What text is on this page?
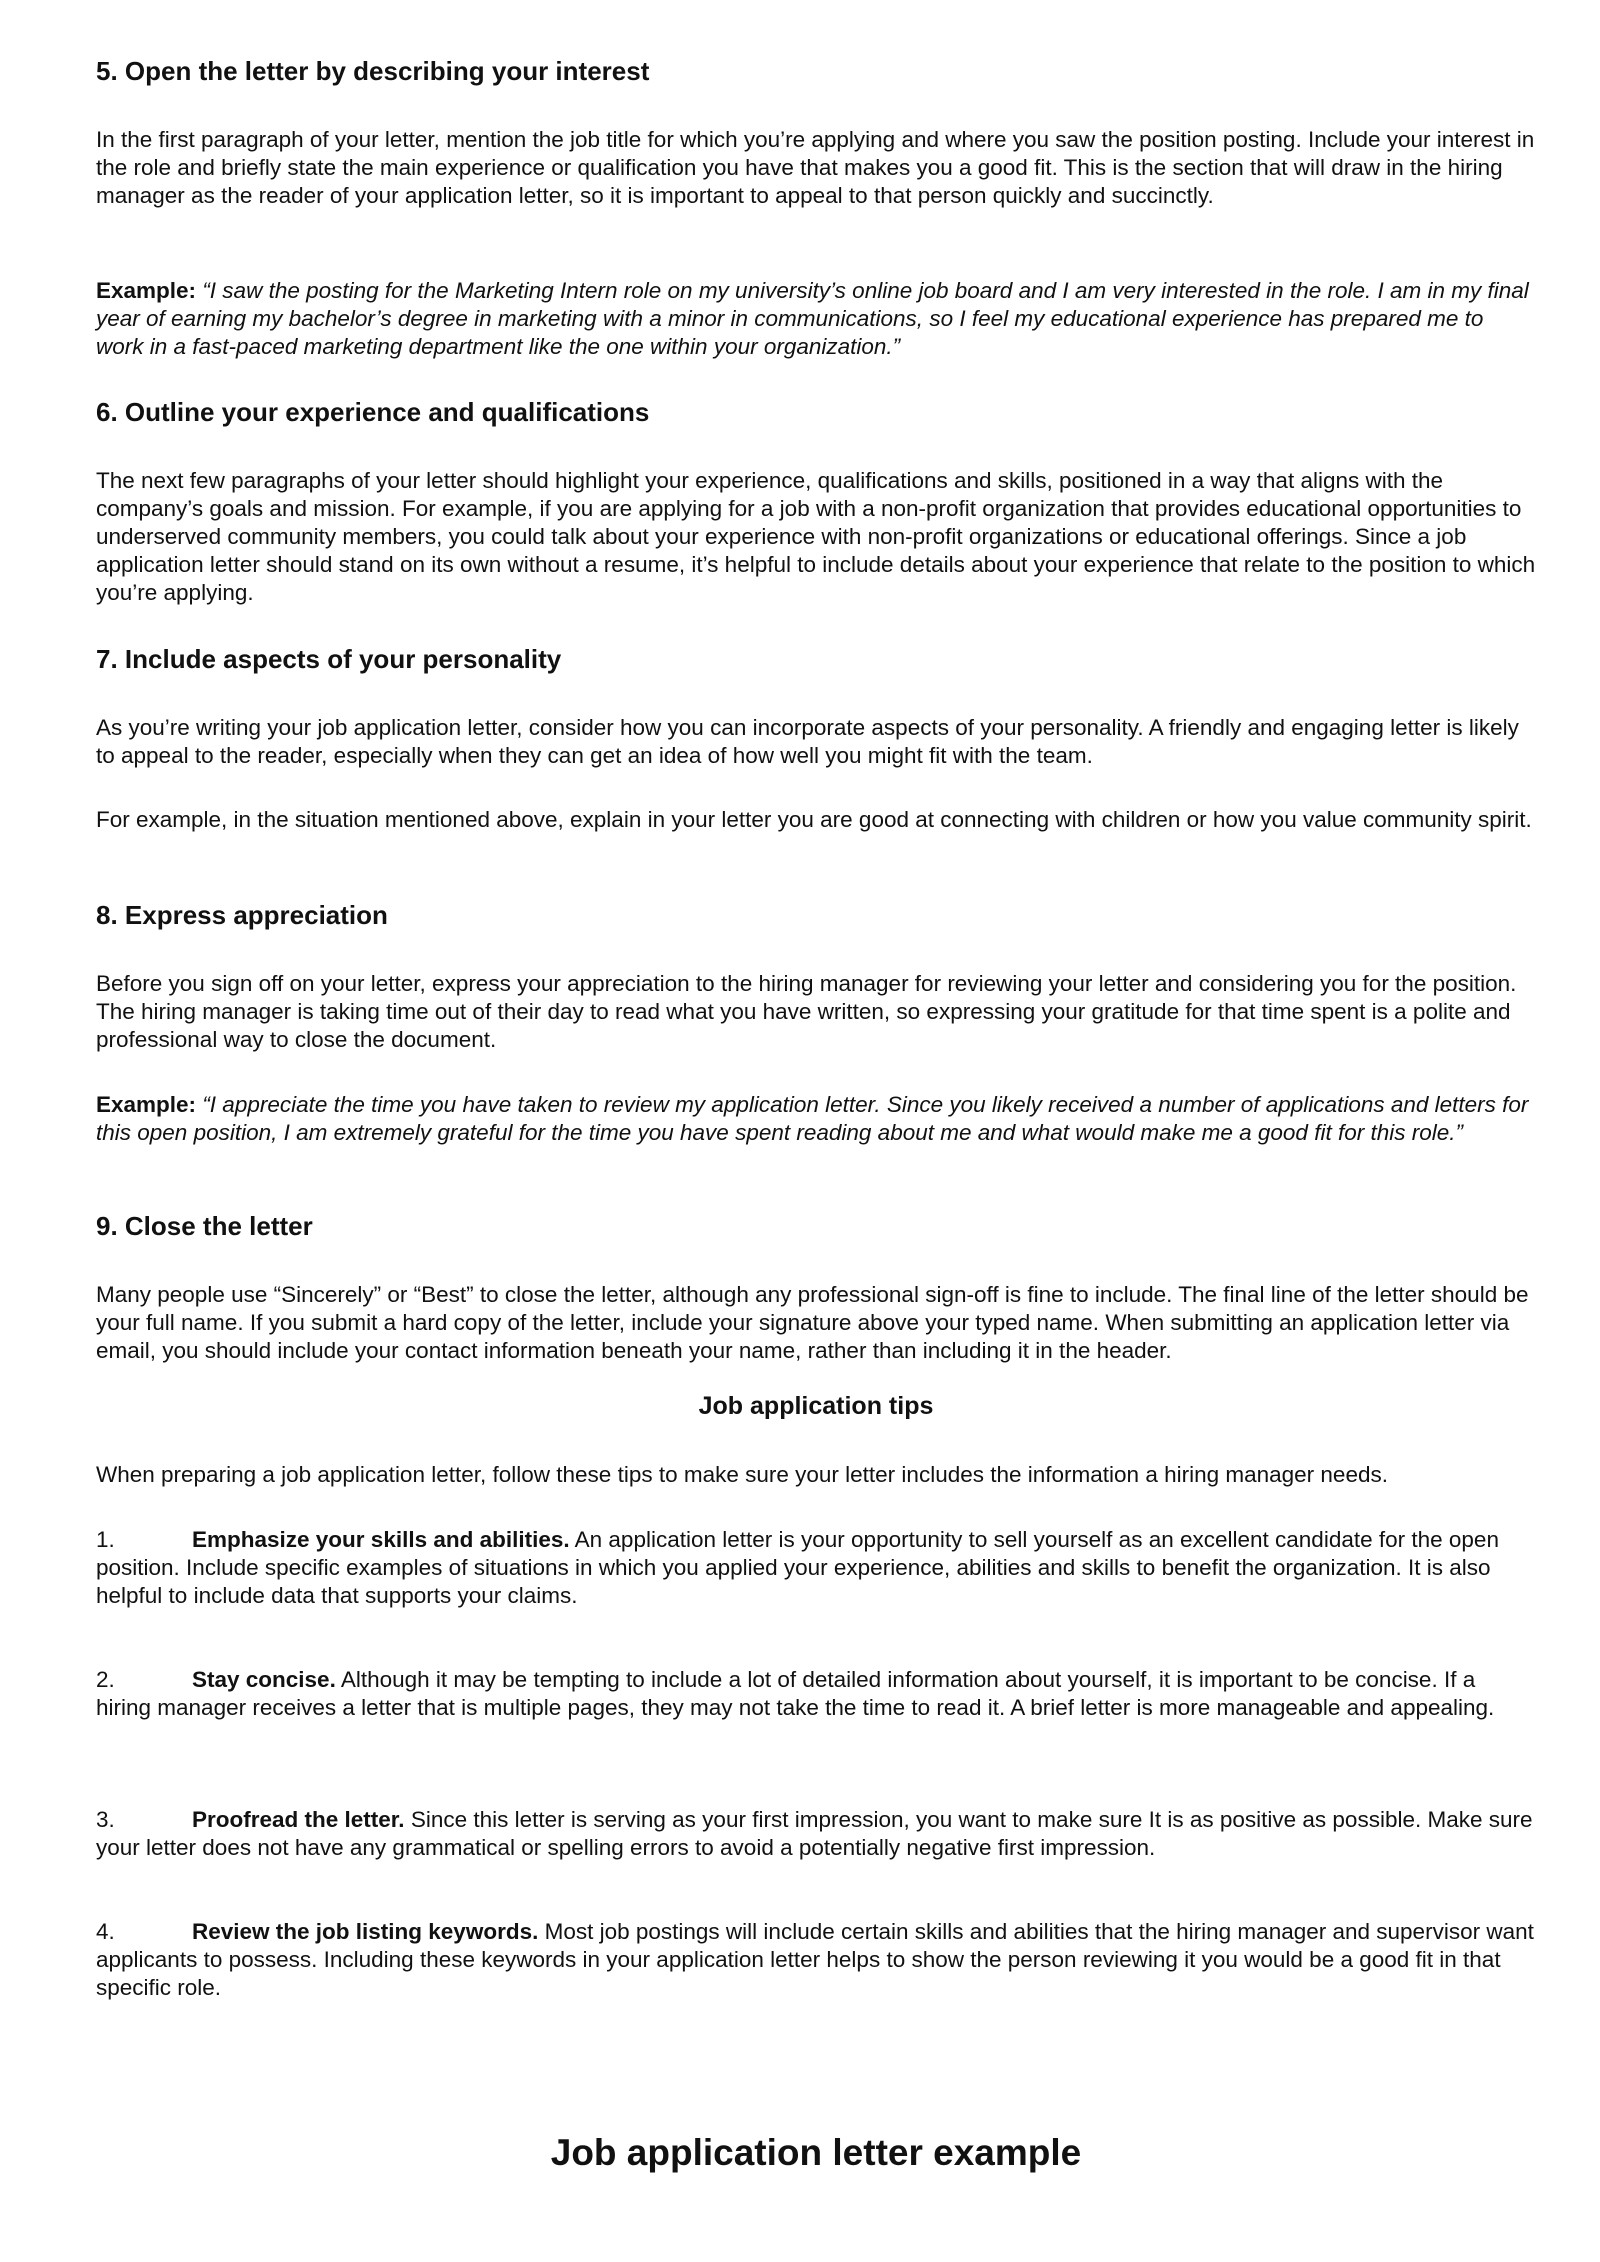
5. Open the letter by describing your interest

In the first paragraph of your letter, mention the job title for which you’re applying and where you saw the position posting. Include your interest in the role and briefly state the main experience or qualification you have that makes you a good fit. This is the section that will draw in the hiring manager as the reader of your application letter, so it is important to appeal to that person quickly and succinctly.

Example: “I saw the posting for the Marketing Intern role on my university’s online job board and I am very interested in the role. I am in my final year of earning my bachelor’s degree in marketing with a minor in communications, so I feel my educational experience has prepared me to work in a fast-paced marketing department like the one within your organization.”

6. Outline your experience and qualifications

The next few paragraphs of your letter should highlight your experience, qualifications and skills, positioned in a way that aligns with the company’s goals and mission. For example, if you are applying for a job with a non-profit organization that provides educational opportunities to underserved community members, you could talk about your experience with non-profit organizations or educational offerings. Since a job application letter should stand on its own without a resume, it’s helpful to include details about your experience that relate to the position to which you’re applying.

7. Include aspects of your personality

As you’re writing your job application letter, consider how you can incorporate aspects of your personality. A friendly and engaging letter is likely to appeal to the reader, especially when they can get an idea of how well you might fit with the team.

For example, in the situation mentioned above, explain in your letter you are good at connecting with children or how you value community spirit.

8. Express appreciation

Before you sign off on your letter, express your appreciation to the hiring manager for reviewing your letter and considering you for the position. The hiring manager is taking time out of their day to read what you have written, so expressing your gratitude for that time spent is a polite and professional way to close the document.

Example: “I appreciate the time you have taken to review my application letter. Since you likely received a number of applications and letters for this open position, I am extremely grateful for the time you have spent reading about me and what would make me a good fit for this role.”

9. Close the letter

Many people use “Sincerely” or “Best” to close the letter, although any professional sign-off is fine to include. The final line of the letter should be your full name. If you submit a hard copy of the letter, include your signature above your typed name. When submitting an application letter via email, you should include your contact information beneath your name, rather than including it in the header.

Job application tips

When preparing a job application letter, follow these tips to make sure your letter includes the information a hiring manager needs.

1.	Emphasize your skills and abilities. An application letter is your opportunity to sell yourself as an excellent candidate for the open position. Include specific examples of situations in which you applied your experience, abilities and skills to benefit the organization. It is also helpful to include data that supports your claims.

2.	Stay concise. Although it may be tempting to include a lot of detailed information about yourself, it is important to be concise. If a hiring manager receives a letter that is multiple pages, they may not take the time to read it. A brief letter is more manageable and appealing.

3.	Proofread the letter. Since this letter is serving as your first impression, you want to make sure It is as positive as possible. Make sure your letter does not have any grammatical or spelling errors to avoid a potentially negative first impression.

4.	Review the job listing keywords. Most job postings will include certain skills and abilities that the hiring manager and supervisor want applicants to possess. Including these keywords in your application letter helps to show the person reviewing it you would be a good fit in that specific role.

Job application letter example
